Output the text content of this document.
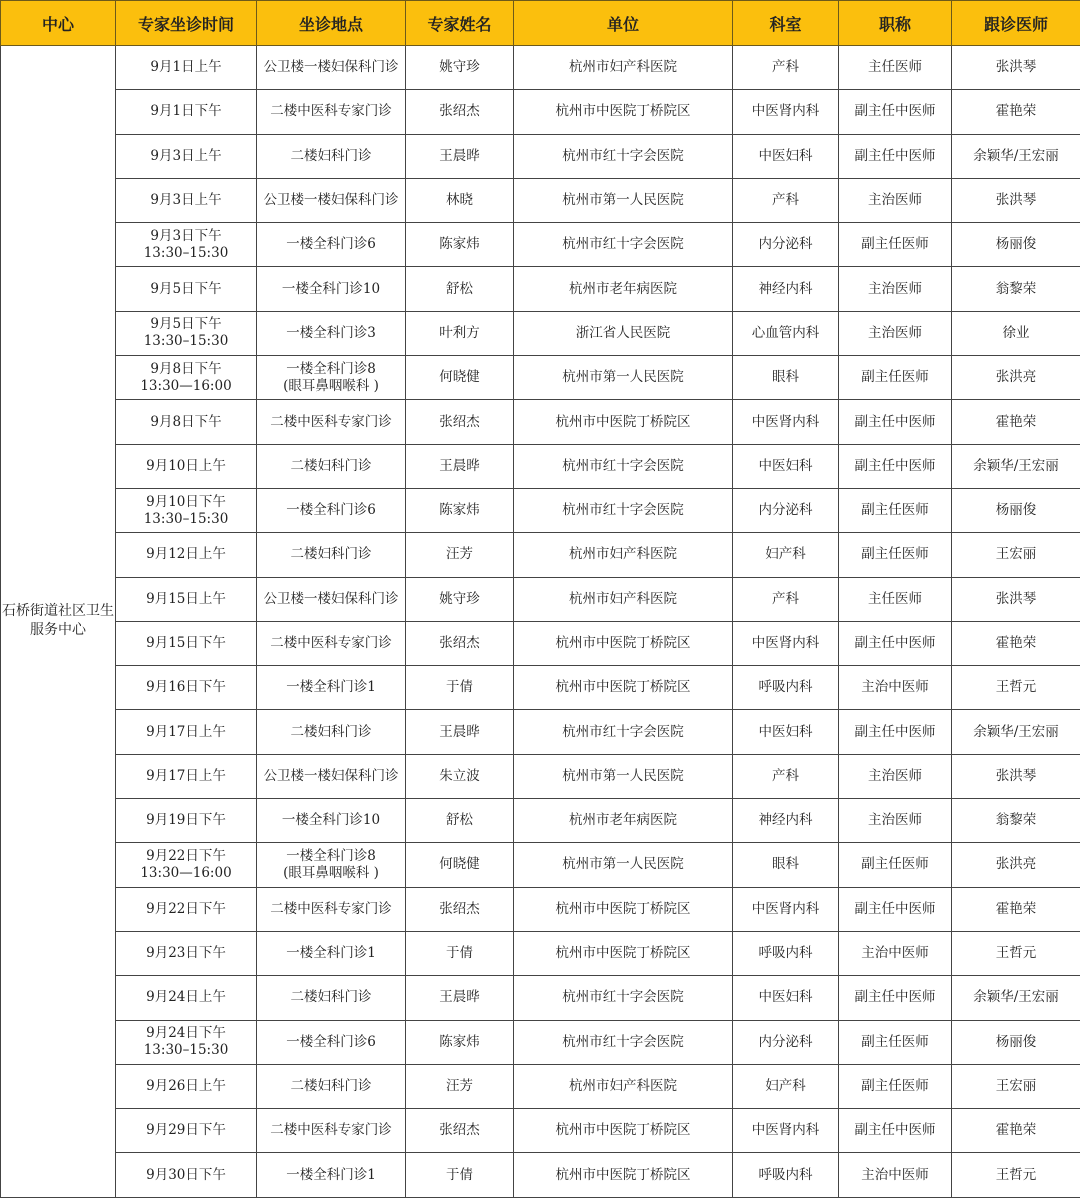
中心	专家坐诊时间	坐诊地点	专家姓名	单位	科室	职称	跟诊医师
石桥街道社区卫生服务中心	9月1日上午	公卫楼一楼妇保科门诊	姚守珍	杭州市妇产科医院	产科	主任医师	张洪琴

	9月1日下午	二楼中医科专家门诊	张绍杰	杭州市中医院丁桥院区	中医肾内科	副主任中医师	霍艳荣

	9月3日上午	二楼妇科门诊	王晨晔	杭州市红十字会医院	中医妇科	副主任中医师	余颖华/王宏丽

	9月3日上午	公卫楼一楼妇保科门诊	林晓	杭州市第一人民医院	产科	主治医师	张洪琴

	9月3日下午
13:30–15:30	一楼全科门诊6	陈家炜	杭州市红十字会医院	内分泌科	副主任医师	杨丽俊

	9月5日下午	一楼全科门诊10	舒松	杭州市老年病医院	神经内科	主治医师	翁黎荣

	9月5日下午
13:30–15:30	一楼全科门诊3	叶利方	浙江省人民医院	心血管内科	主治医师	徐业

	9月8日下午
13:30—16:00	一楼全科门诊8
(眼耳鼻咽喉科 )	何晓健	杭州市第一人民医院	眼科	副主任医师	张洪亮

	9月8日下午	二楼中医科专家门诊	张绍杰	杭州市中医院丁桥院区	中医肾内科	副主任中医师	霍艳荣

	9月10日上午	二楼妇科门诊	王晨晔	杭州市红十字会医院	中医妇科	副主任中医师	余颖华/王宏丽

	9月10日下午
13:30–15:30	一楼全科门诊6	陈家炜	杭州市红十字会医院	内分泌科	副主任医师	杨丽俊

	9月12日上午	二楼妇科门诊	汪芳	杭州市妇产科医院	妇产科	副主任医师	王宏丽

	9月15日上午	公卫楼一楼妇保科门诊	姚守珍	杭州市妇产科医院	产科	主任医师	张洪琴

	9月15日下午	二楼中医科专家门诊	张绍杰	杭州市中医院丁桥院区	中医肾内科	副主任中医师	霍艳荣

	9月16日下午	一楼全科门诊1	于倩	杭州市中医院丁桥院区	呼吸内科	主治中医师	王哲元

	9月17日上午	二楼妇科门诊	王晨晔	杭州市红十字会医院	中医妇科	副主任中医师	余颖华/王宏丽

	9月17日上午	公卫楼一楼妇保科门诊	朱立波	杭州市第一人民医院	产科	主治医师	张洪琴

	9月19日下午	一楼全科门诊10	舒松	杭州市老年病医院	神经内科	主治医师	翁黎荣

	9月22日下午
13:30—16:00	一楼全科门诊8
(眼耳鼻咽喉科 )	何晓健	杭州市第一人民医院	眼科	副主任医师	张洪亮

	9月22日下午	二楼中医科专家门诊	张绍杰	杭州市中医院丁桥院区	中医肾内科	副主任中医师	霍艳荣

	9月23日下午	一楼全科门诊1	于倩	杭州市中医院丁桥院区	呼吸内科	主治中医师	王哲元

	9月24日上午	二楼妇科门诊	王晨晔	杭州市红十字会医院	中医妇科	副主任中医师	余颖华/王宏丽

	9月24日下午
13:30–15:30	一楼全科门诊6	陈家炜	杭州市红十字会医院	内分泌科	副主任医师	杨丽俊

	9月26日上午	二楼妇科门诊	汪芳	杭州市妇产科医院	妇产科	副主任医师	王宏丽

	9月29日下午	二楼中医科专家门诊	张绍杰	杭州市中医院丁桥院区	中医肾内科	副主任中医师	霍艳荣

	9月30日下午	一楼全科门诊1	于倩	杭州市中医院丁桥院区	呼吸内科	主治中医师	王哲元
